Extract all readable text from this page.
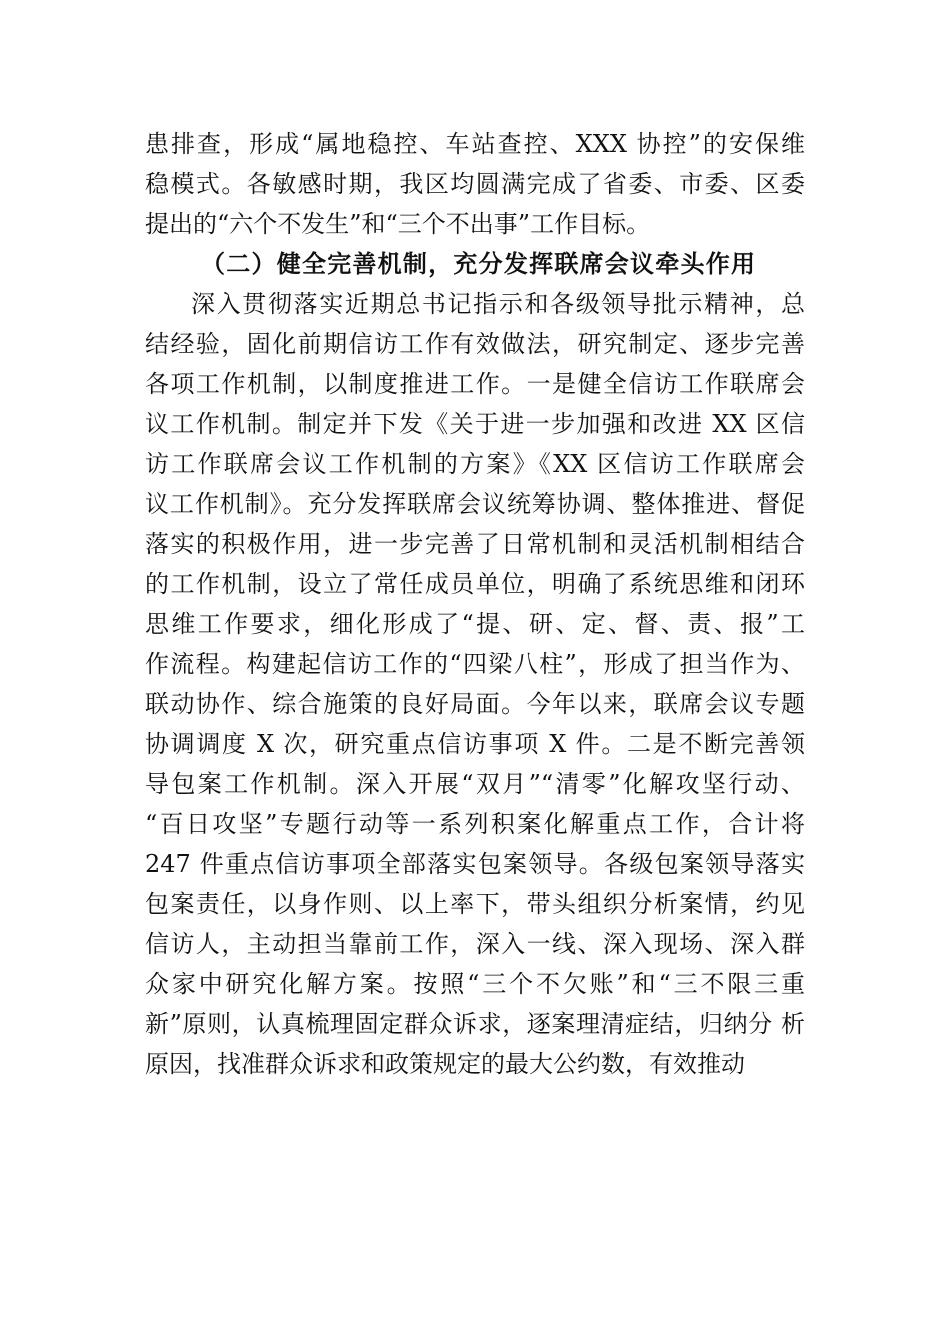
患排查，形成“属地稳控、车站查控、XXX 协控”的安保维
稳模式。各敏感时期，我区均圆满完成了省委、市委、区委
提出的“六个不发生”和“三个不出事”工作目标。
（二）健全完善机制，充分发挥联席会议牵头作用
深入贯彻落实近期总书记指示和各级领导批示精神，总
结经验，固化前期信访工作有效做法，研究制定、逐步完善
各项工作机制，以制度推进工作。一是健全信访工作联席会
议工作机制。制定并下发《关于进一步加强和改进 XX 区信
访工作联席会议工作机制的方案》《XX 区信访工作联席会
议工作机制》。充分发挥联席会议统筹协调、整体推进、督促
落实的积极作用，进一步完善了日常机制和灵活机制相结合
的工作机制，设立了常任成员单位，明确了系统思维和闭环
思维工作要求，细化形成了“提、研、定、督、责、报”工
作流程。构建起信访工作的“四梁八柱”，形成了担当作为、
联动协作、综合施策的良好局面。今年以来，联席会议专题
协调调度 X 次，研究重点信访事项 X 件。二是不断完善领
导包案工作机制。深入开展“双月”“清零”化解攻坚行动、
“百日攻坚”专题行动等一系列积案化解重点工作，合计将
247 件重点信访事项全部落实包案领导。各级包案领导落实
包案责任，以身作则、以上率下，带头组织分析案情，约见
信访人，主动担当靠前工作，深入一线、深入现场、深入群
众家中研究化解方案。按照“三个不欠账”和“三不限三重
新”原则，认真梳理固定群众诉求，逐案理清症结，归纳分 析
原因，找准群众诉求和政策规定的最大公约数，有效推动
